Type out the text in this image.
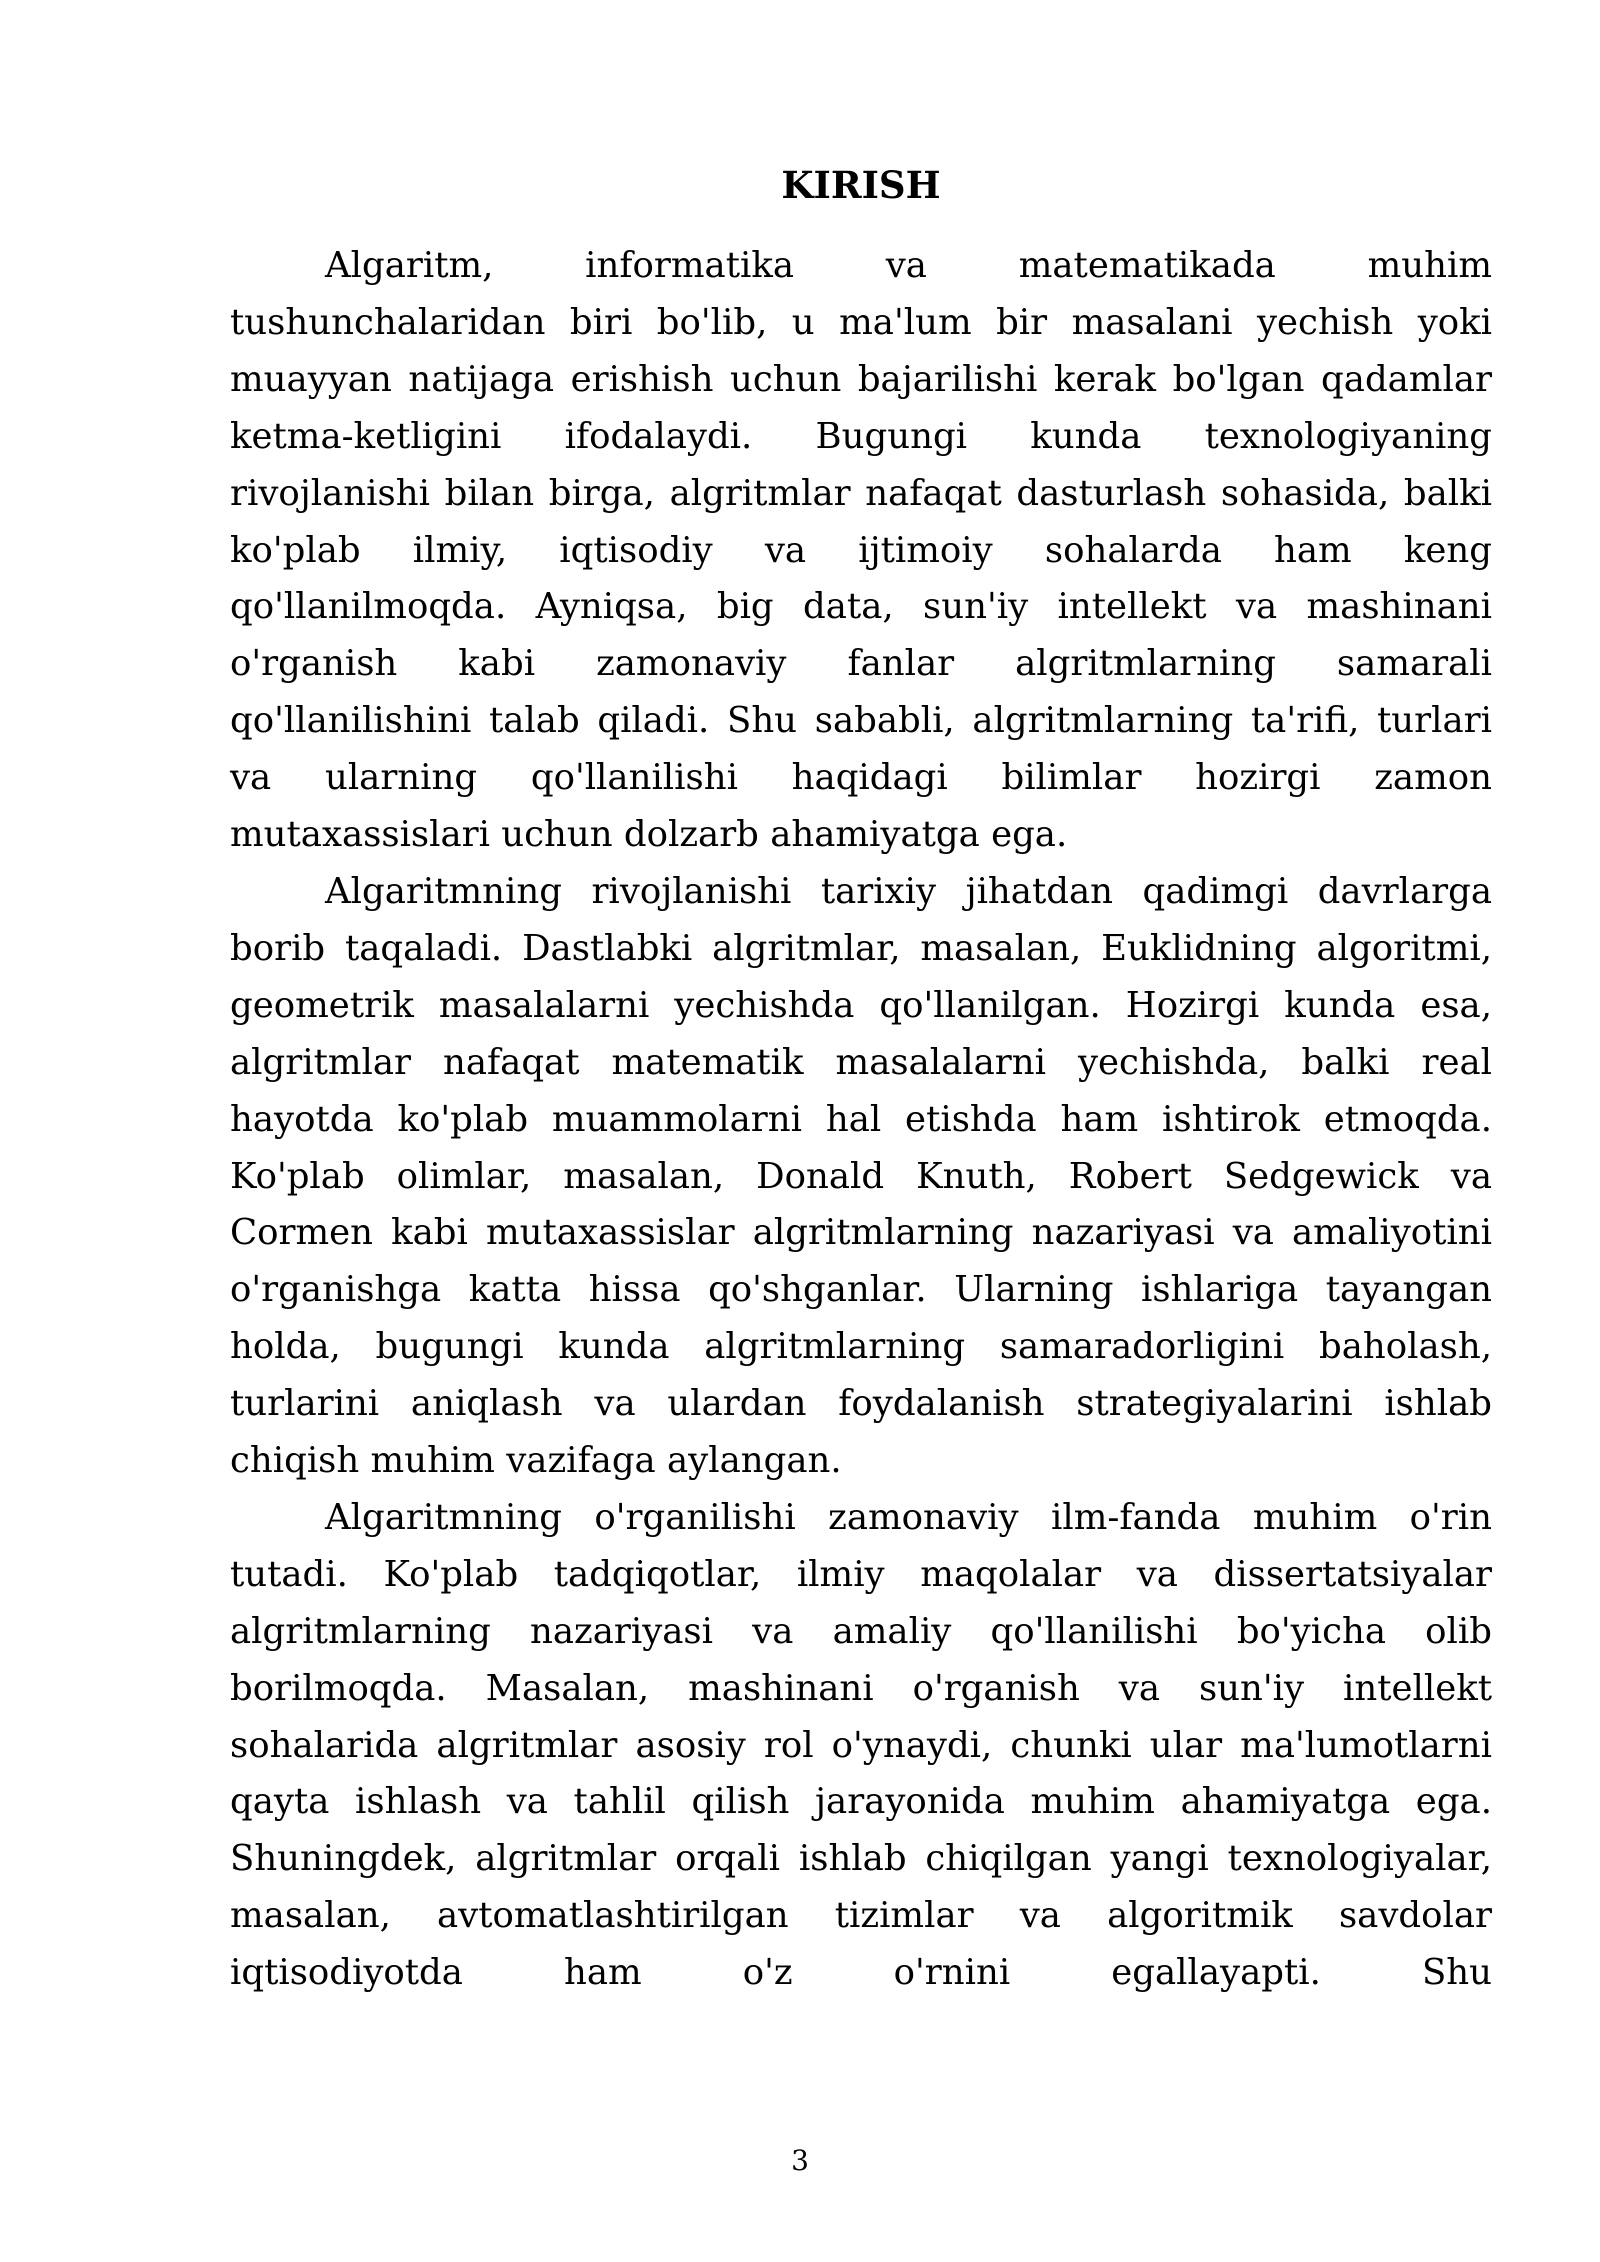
KIRISH

Algaritm, informatika va matematikada muhim tushunchalaridan biri bo'lib, u ma'lum bir masalani yechish yoki muayyan natijaga erishish uchun bajarilishi kerak bo'lgan qadamlar ketma-ketligini ifodalaydi. Bugungi kunda texnologiyaning rivojlanishi bilan birga, algritmlar nafaqat dasturlash sohasida, balki ko'plab ilmiy, iqtisodiy va ijtimoiy sohalarda ham keng qo'llanilmoqda. Ayniqsa, big data, sun'iy intellekt va mashinani o'rganish kabi zamonaviy fanlar algritmlarning samarali qo'llanilishini talab qiladi. Shu sababli, algritmlarning ta'rifi, turlari va ularning qo'llanilishi haqidagi bilimlar hozirgi zamon mutaxassislari uchun dolzarb ahamiyatga ega.

Algaritmning rivojlanishi tarixiy jihatdan qadimgi davrlarga borib taqaladi. Dastlabki algritmlar, masalan, Euklidning algoritmi, geometrik masalalarni yechishda qo'llanilgan. Hozirgi kunda esa, algritmlar nafaqat matematik masalalarni yechishda, balki real hayotda ko'plab muammolarni hal etishda ham ishtirok etmoqda. Ko'plab olimlar, masalan, Donald Knuth, Robert Sedgewick va Cormen kabi mutaxassislar algritmlarning nazariyasi va amaliyotini o'rganishga katta hissa qo'shganlar. Ularning ishlariga tayangan holda, bugungi kunda algritmlarning samaradorligini baholash, turlarini aniqlash va ulardan foydalanish strategiyalarini ishlab chiqish muhim vazifaga aylangan.

Algaritmning o'rganilishi zamonaviy ilm-fanda muhim o'rin tutadi. Ko'plab tadqiqotlar, ilmiy maqolalar va dissertatsiyalar algritmlarning nazariyasi va amaliy qo'llanilishi bo'yicha olib borilmoqda. Masalan, mashinani o'rganish va sun'iy intellekt sohalarida algritmlar asosiy rol o'ynaydi, chunki ular ma'lumotlarni qayta ishlash va tahlil qilish jarayonida muhim ahamiyatga ega. Shuningdek, algritmlar orqali ishlab chiqilgan yangi texnologiyalar, masalan, avtomatlashtirilgan tizimlar va algoritmik savdolar iqtisodiyotda ham o'z o'rnini egallayapti. Shu

3
